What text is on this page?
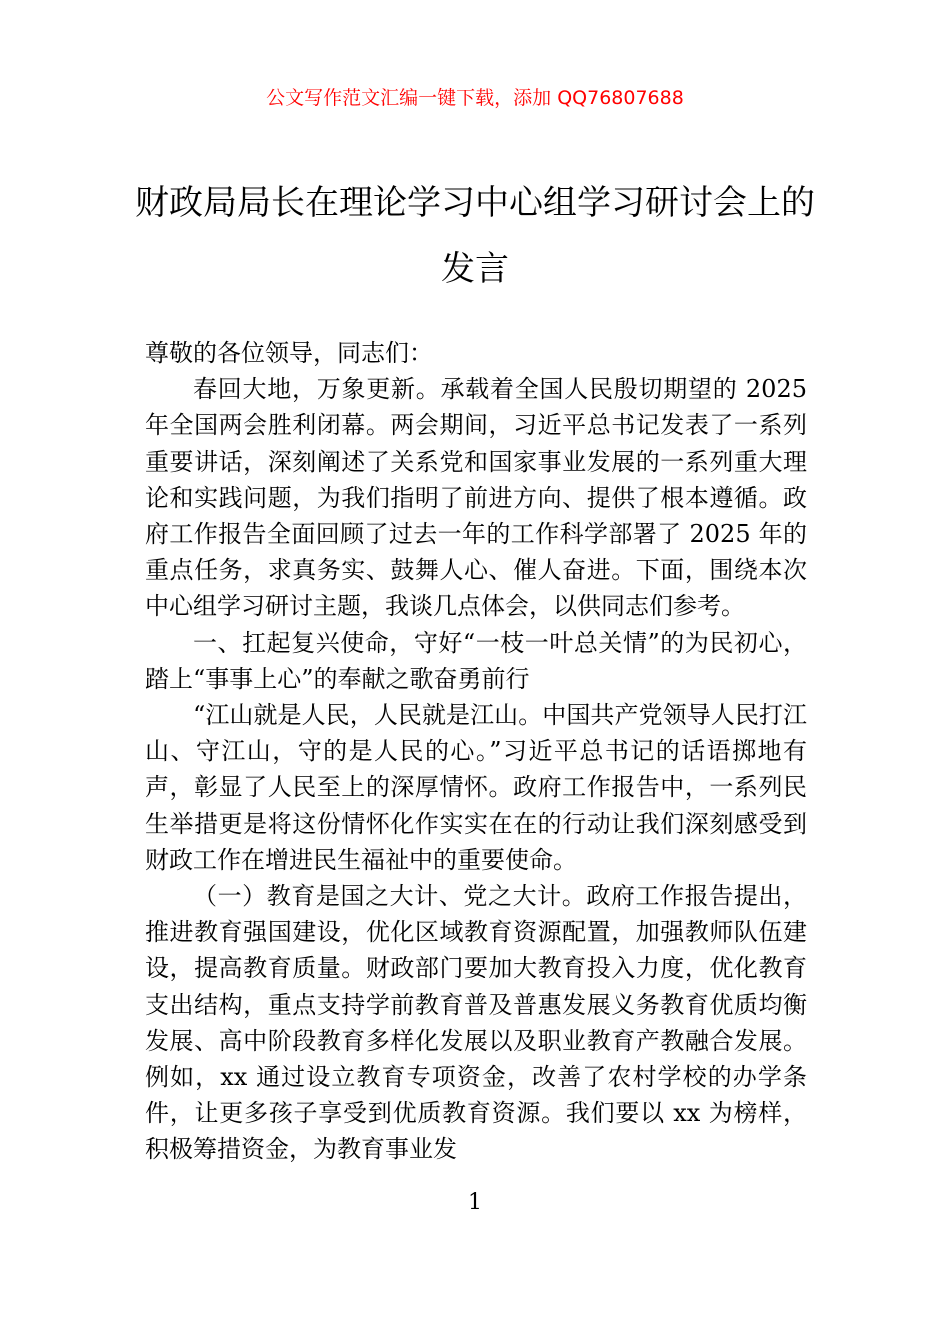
公文写作范文汇编一键下载，添加 QQ76807688
财政局局长在理论学习中心组学习研讨会上的发言

尊敬的各位领导，同志们：

春回大地，万象更新。承载着全国人民殷切期望的 2025 年全国两会胜利闭幕。两会期间，习近平总书记发表了一系列重要讲话，深刻阐述了关系党和国家事业发展的一系列重大理论和实践问题，为我们指明了前进方向、提供了根本遵循。政府工作报告全面回顾了过去一年的工作科学部署了 2025 年的重点任务，求真务实、鼓舞人心、催人奋进。下面，围绕本次中心组学习研讨主题，我谈几点体会，以供同志们参考。

一、扛起复兴使命，守好“一枝一叶总关情”的为民初心，踏上“事事上心”的奉献之歌奋勇前行

“江山就是人民，人民就是江山。中国共产党领导人民打江山、守江山，守的是人民的心。”习近平总书记的话语掷地有声，彰显了人民至上的深厚情怀。政府工作报告中，一系列民生举措更是将这份情怀化作实实在在的行动让我们深刻感受到财政工作在增进民生福祉中的重要使命。

（一）教育是国之大计、党之大计。政府工作报告提出，推进教育强国建设，优化区域教育资源配置，加强教师队伍建设，提高教育质量。财政部门要加大教育投入力度，优化教育支出结构，重点支持学前教育普及普惠发展义务教育优质均衡发展、高中阶段教育多样化发展以及职业教育产教融合发展。例如，xx 通过设立教育专项资金，改善了农村学校的办学条件，让更多孩子享受到优质教育资源。我们要以 xx 为榜样，积极筹措资金，为教育事业发

1
